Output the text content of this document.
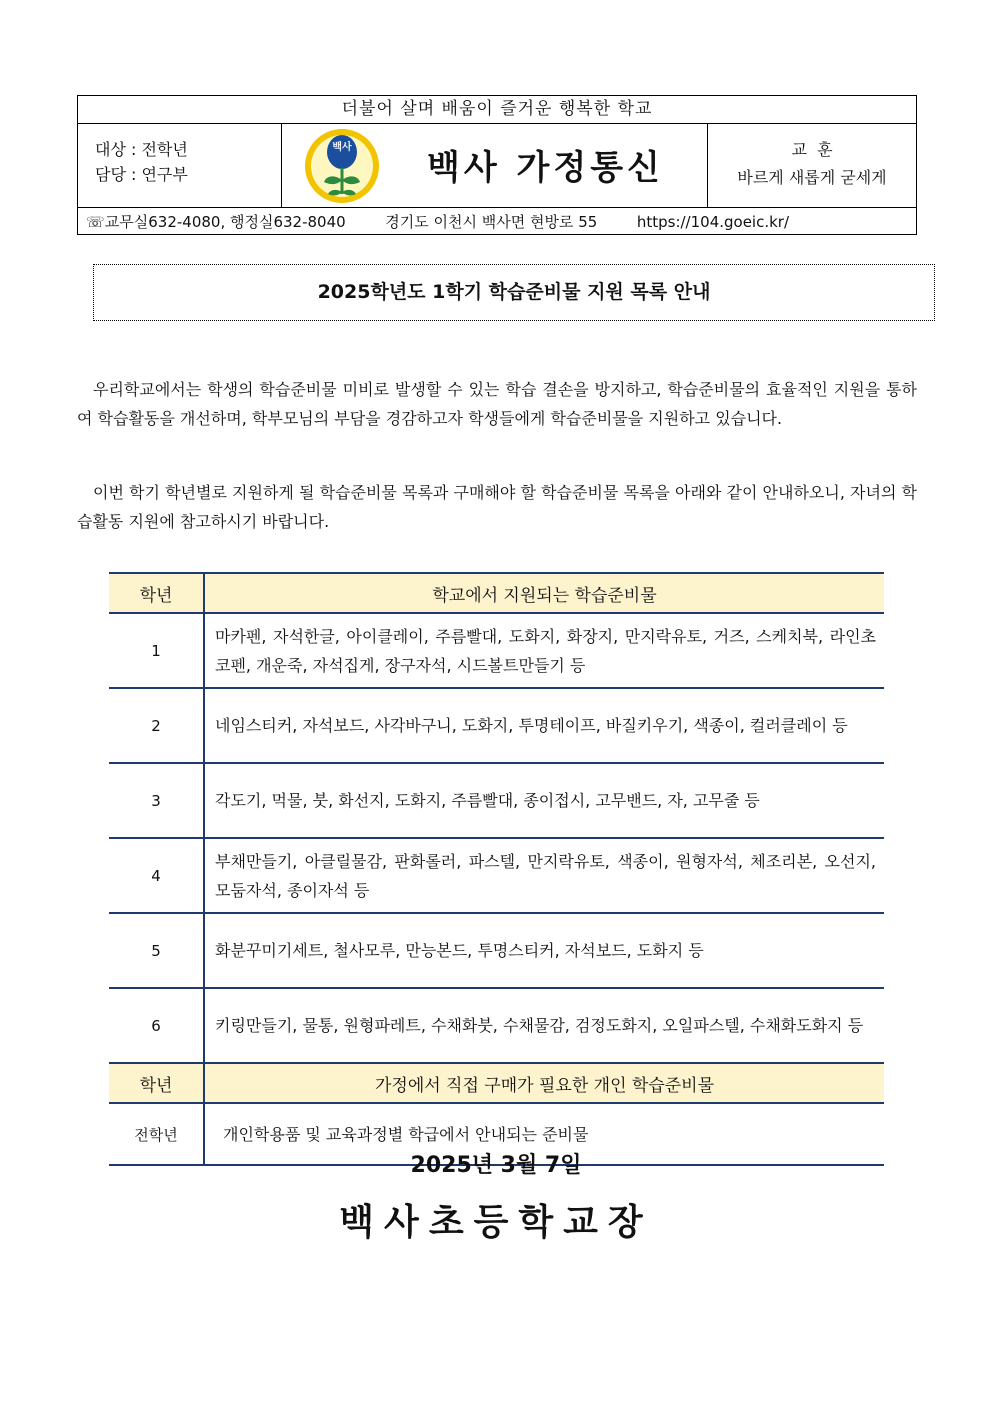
더불어 살며 배움이 즐거운 행복한 학교
대상 : 전학년
담당 : 연구부
백사
백사 가정통신	교  훈
바르게 새롭게 굳세게
☏교무실632-4080, 행정실632-8040	경기도 이천시 백사면 현방로 55	https://104.goeic.kr/
2025학년도 1학기 학습준비물 지원 목록 안내
우리학교에서는 학생의 학습준비물 미비로 발생할 수 있는 학습 결손을 방지하고, 학습준비물의 효율적인 지원을 통하여 학습활동을 개선하며, 학부모님의 부담을 경감하고자 학생들에게 학습준비물을 지원하고 있습니다.
이번 학기 학년별로 지원하게 될 학습준비물 목록과 구매해야 할 학습준비물 목록을 아래와 같이 안내하오니, 자녀의 학습활동 지원에 참고하시기 바랍니다.
학년	학교에서 지원되는 학습준비물
1	마카펜, 자석한글, 아이클레이, 주름빨대, 도화지, 화장지, 만지락유토, 거즈, 스케치북, 라인초코펜, 개운죽, 자석집게, 장구자석, 시드볼트만들기 등
2	네임스티커, 자석보드, 사각바구니, 도화지, 투명테이프, 바질키우기, 색종이, 컬러클레이 등
3	각도기, 먹물, 붓, 화선지, 도화지, 주름빨대, 종이접시, 고무밴드, 자, 고무줄 등
4	부채만들기, 아클릴물감, 판화롤러, 파스텔, 만지락유토, 색종이, 원형자석, 체조리본, 오선지, 모둠자석, 종이자석 등
5	화분꾸미기세트, 철사모루, 만능본드, 투명스티커, 자석보드, 도화지 등
6	키링만들기, 물통, 원형파레트, 수채화붓, 수채물감, 검정도화지, 오일파스텔, 수채화도화지 등
학년	가정에서 직접 구매가 필요한 개인 학습준비물
전학년	개인학용품 및 교육과정별 학급에서 안내되는 준비물
2025년 3월 7일
백사초등학교장
